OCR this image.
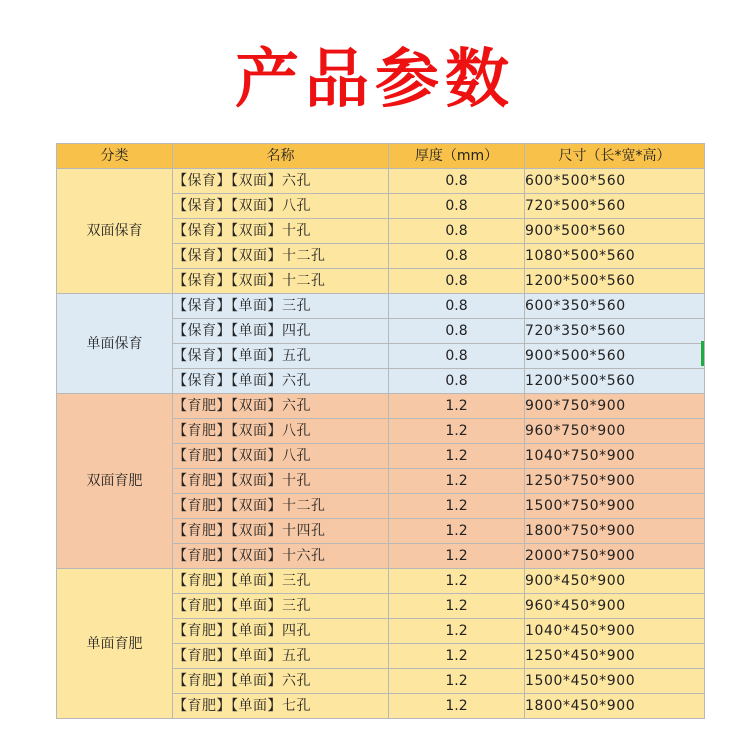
产品参数
分类	名称	厚度（mm）	尺寸（长*宽*高）
双面保育	【保育】【双面】六孔	0.8	600*500*560
	【保育】【双面】八孔	0.8	720*500*560
	【保育】【双面】十孔	0.8	900*500*560
	【保育】【双面】十二孔	0.8	1080*500*560
	【保育】【双面】十二孔	0.8	1200*500*560
单面保育	【保育】【单面】三孔	0.8	600*350*560
	【保育】【单面】四孔	0.8	720*350*560
	【保育】【单面】五孔	0.8	900*500*560
	【保育】【单面】六孔	0.8	1200*500*560
双面育肥	【育肥】【双面】六孔	1.2	900*750*900
	【育肥】【双面】八孔	1.2	960*750*900
	【育肥】【双面】八孔	1.2	1040*750*900
	【育肥】【双面】十孔	1.2	1250*750*900
	【育肥】【双面】十二孔	1.2	1500*750*900
	【育肥】【双面】十四孔	1.2	1800*750*900
	【育肥】【双面】十六孔	1.2	2000*750*900
单面育肥	【育肥】【单面】三孔	1.2	900*450*900
	【育肥】【单面】三孔	1.2	960*450*900
	【育肥】【单面】四孔	1.2	1040*450*900
	【育肥】【单面】五孔	1.2	1250*450*900
	【育肥】【单面】六孔	1.2	1500*450*900
	【育肥】【单面】七孔	1.2	1800*450*900
